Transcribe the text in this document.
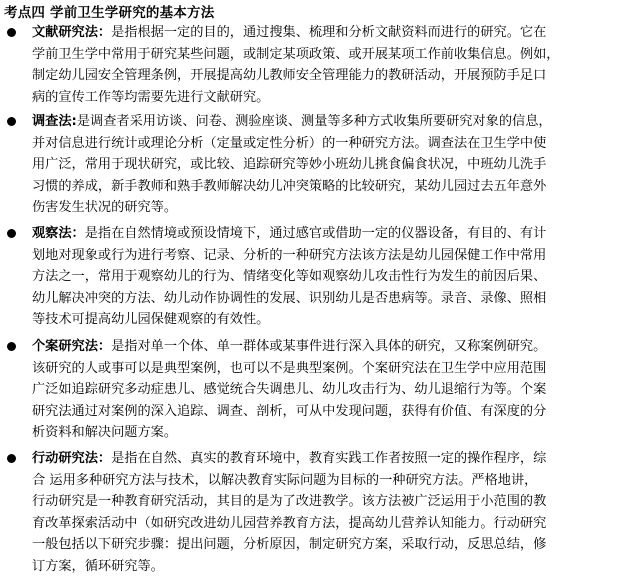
考点四 学前卫生学研究的基本方法
文献研究法：是指根据一定的目的，通过搜集、梳理和分析文献资料而进行的研究。它在
学前卫生学中常用于研究某些问题，或制定某项政策、或开展某项工作前收集信息。例如，
制定幼儿园安全管理条例，开展提高幼儿教师安全管理能力的教研活动，开展预防手足口
病的宣传工作等均需要先进行文献研究。
调查法:是调查者采用访谈、问卷、测验座谈、测量等多种方式收集所要研究对象的信息，
并对信息进行统计或理论分析（定量或定性分析）的一种研究方法。调查法在卫生学中使
用广泛，常用于现状研究，或比较、追踪研究等妙小班幼儿挑食偏食状况，中班幼儿洗手
习惯的养成，新手教师和熟手教师解决幼儿冲突策略的比较研究，某幼儿园过去五年意外
伤害发生状况的研究等。
观察法：是指在自然情境或预设情境下，通过感官或借助一定的仪器设备，有目的、有计
划地对现象或行为进行考察、记录、分析的一种研究方法该方法是幼儿园保健工作中常用
方法之一，常用于观察幼儿的行为、情绪变化等如观察幼儿攻击性行为发生的前因后果、
幼儿解决冲突的方法、幼儿动作协调性的发展、识别幼儿是否患病等。录音、录像、照相
等技术可提高幼儿园保健观察的有效性。
个案研究法：是指对单一个体、单一群体或某事件进行深入具体的研究，又称案例研究。
该研究的人或事可以是典型案例，也可以不是典型案例。个案研究法在卫生学中应用范围
广泛如追踪研究多动症患儿、感觉统合失调患儿、幼儿攻击行为、幼儿退缩行为等。个案
研究法通过对案例的深入追踪、调查、剖析，可从中发现问题，获得有价值、有深度的分
析资料和解决问题方案。
行动研究法：是指在自然、真实的教育环境中，教育实践工作者按照一定的操作程序，综
合 运用多种研究方法与技术，以解决教育实际问题为目标的一种研究方法。严格地讲，
行动研究是一种教育研究活动，其目的是为了改进教学。该方法被广泛运用于小范围的教
育改革探索活动中（如研究改进幼儿园营养教育方法，提高幼儿营养认知能力。行动研究
一般包括以下研究步骤：提出问题，分析原因，制定研究方案，采取行动，反思总结，修
订方案，循环研究等。
